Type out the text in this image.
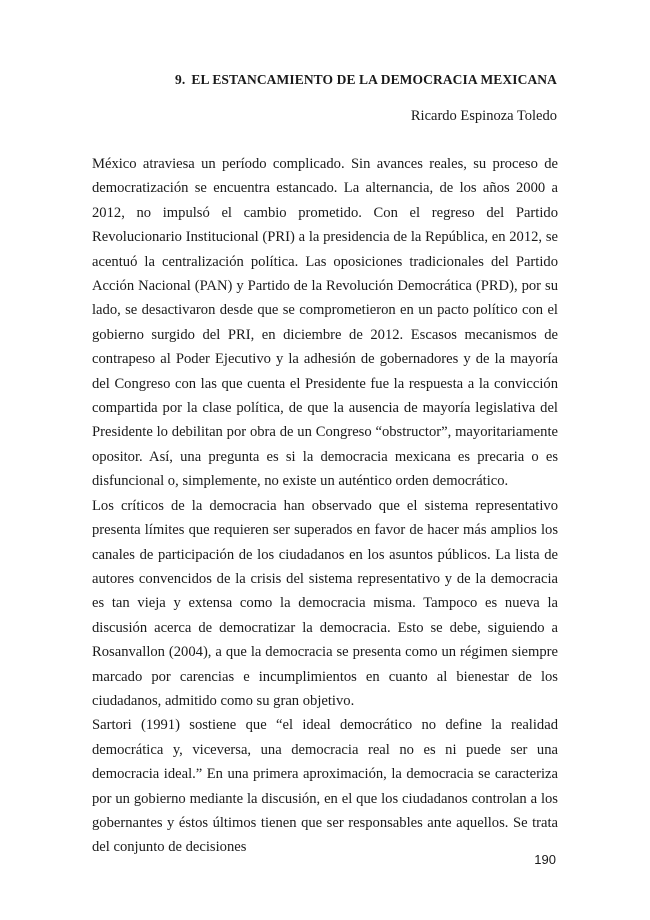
9. EL ESTANCAMIENTO DE LA DEMOCRACIA MEXICANA
Ricardo Espinoza Toledo

México atraviesa un período complicado. Sin avances reales, su proceso de democratización se encuentra estancado. La alternancia, de los años 2000 a 2012, no impulsó el cambio prometido. Con el regreso del Partido Revolucionario Institucional (PRI) a la presidencia de la República, en 2012, se acentuó la centralización política. Las oposiciones tradicionales del Partido Acción Nacional (PAN) y Partido de la Revolución Democrática (PRD), por su lado, se desactivaron desde que se comprometieron en un pacto político con el gobierno surgido del PRI, en diciembre de 2012. Escasos mecanismos de contrapeso al Poder Ejecutivo y la adhesión de gobernadores y de la mayoría del Congreso con las que cuenta el Presidente fue la respuesta a la convicción compartida por la clase política, de que la ausencia de mayoría legislativa del Presidente lo debilitan por obra de un Congreso “obstructor”, mayoritariamente opositor. Así, una pregunta es si la democracia mexicana es precaria o es disfuncional o, simplemente, no existe un auténtico orden democrático.

Los críticos de la democracia han observado que el sistema representativo presenta límites que requieren ser superados en favor de hacer más amplios los canales de participación de los ciudadanos en los asuntos públicos. La lista de autores convencidos de la crisis del sistema representativo y de la democracia es tan vieja y extensa como la democracia misma. Tampoco es nueva la discusión acerca de democratizar la democracia. Esto se debe, siguiendo a Rosanvallon (2004), a que la democracia se presenta como un régimen siempre marcado por carencias e incumplimientos en cuanto al bienestar de los ciudadanos, admitido como su gran objetivo.

Sartori (1991) sostiene que “el ideal democrático no define la realidad democrática y, viceversa, una democracia real no es ni puede ser una democracia ideal.” En una primera aproximación, la democracia se caracteriza por un gobierno mediante la discusión, en el que los ciudadanos controlan a los gobernantes y éstos últimos tienen que ser responsables ante aquellos. Se trata del conjunto de decisiones

190
